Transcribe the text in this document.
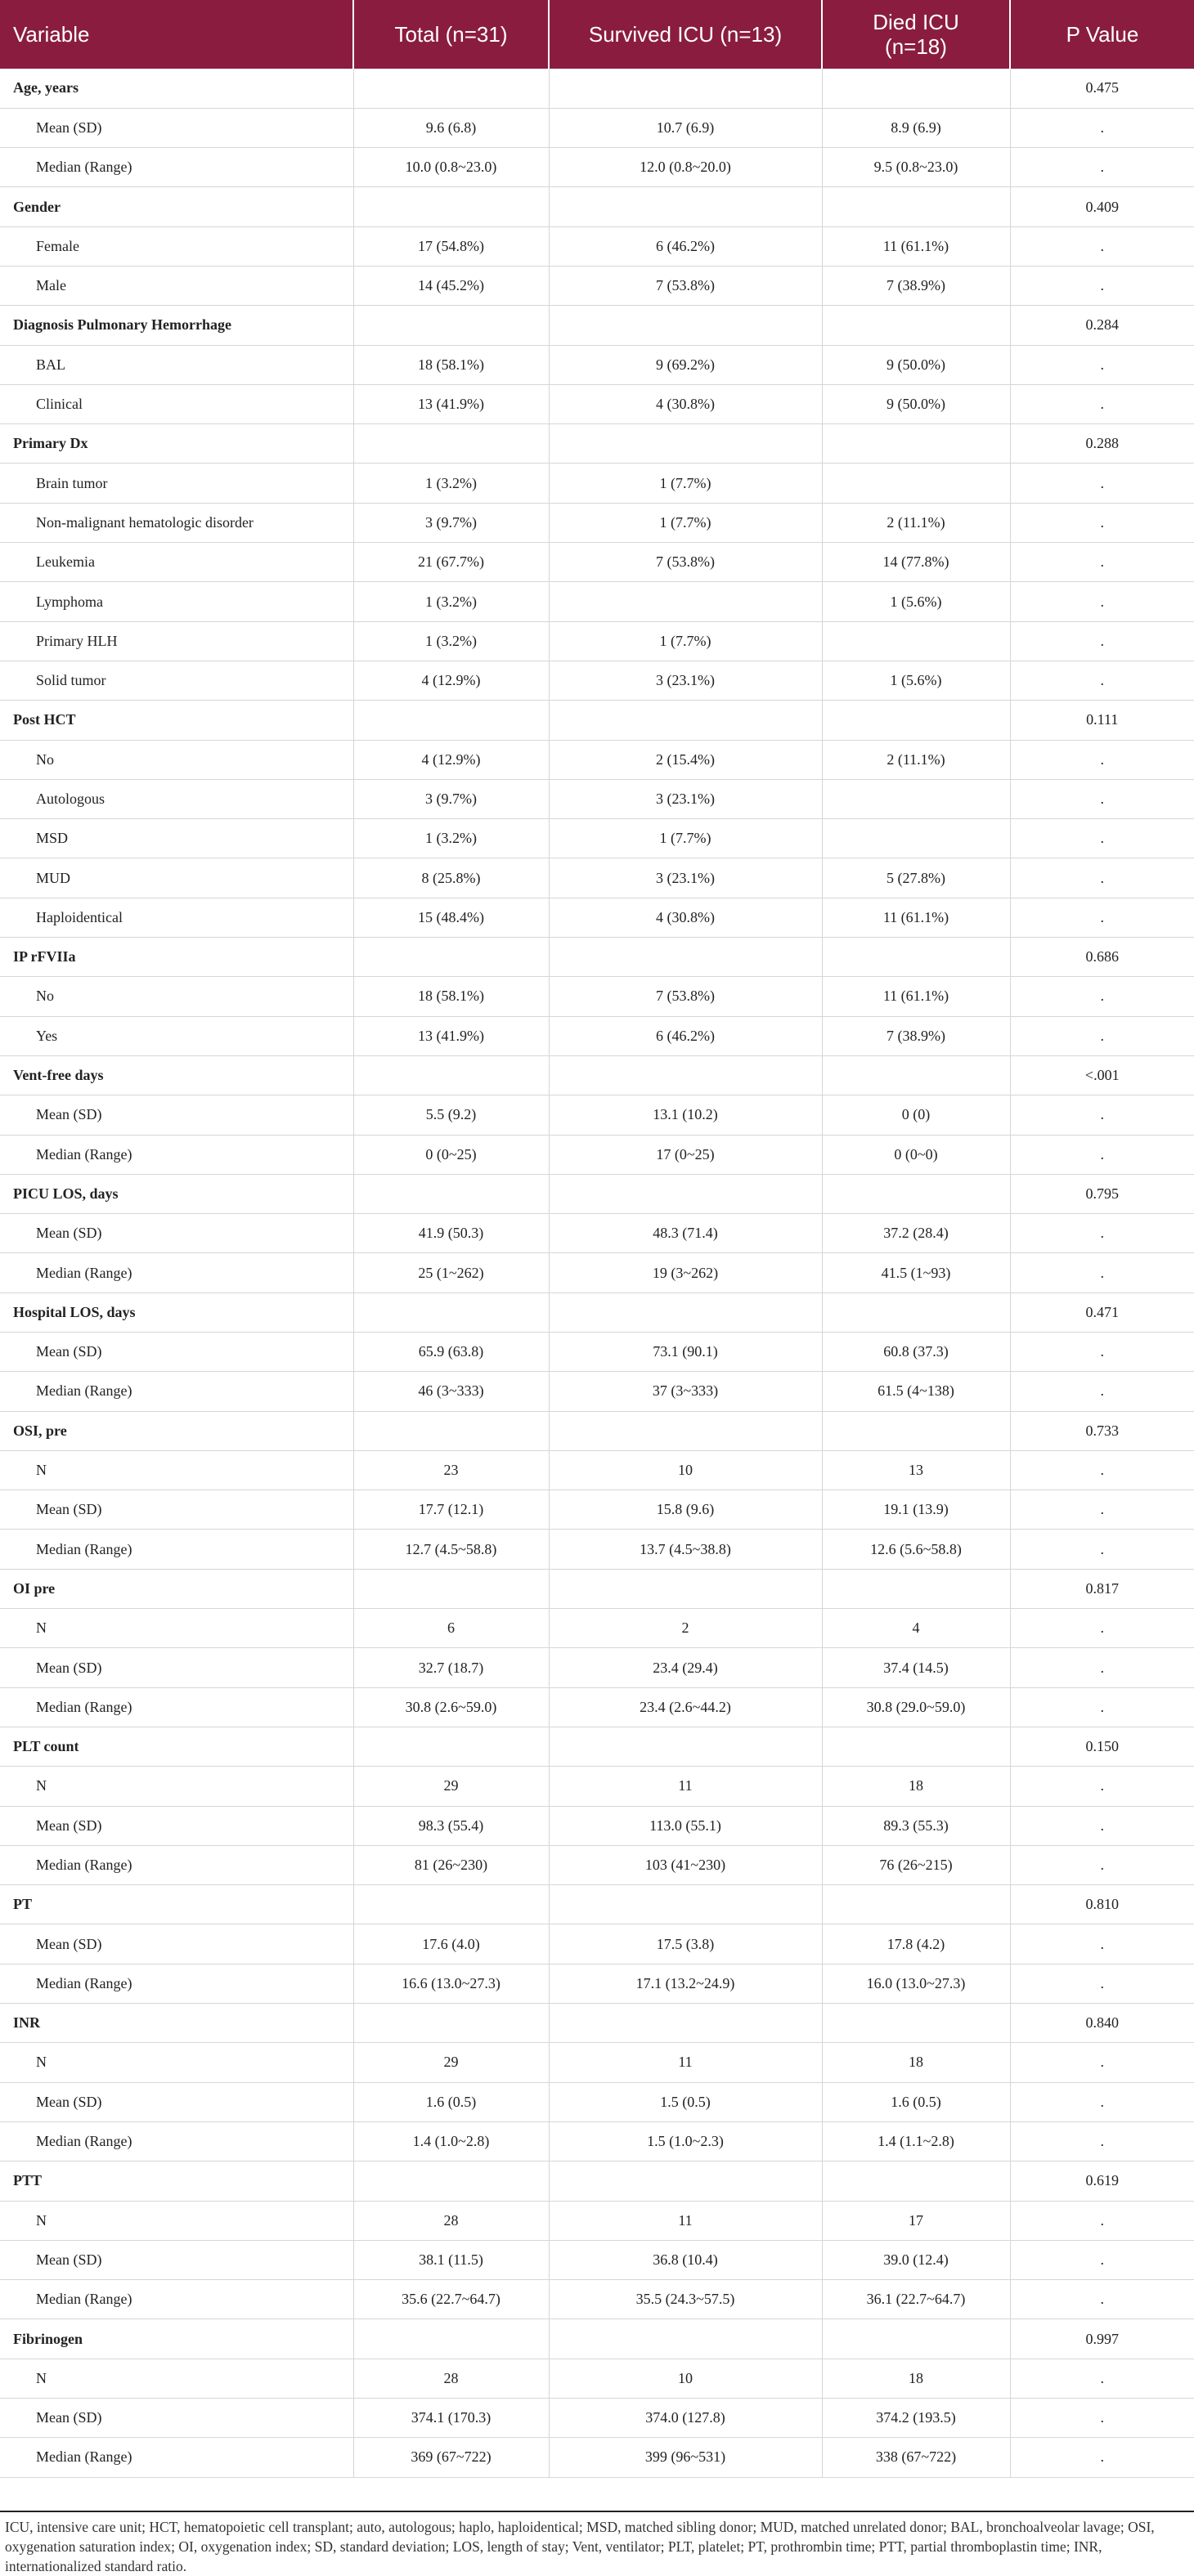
Variable	Total (n=31)	Survived ICU (n=13)	Died ICU
(n=18)	P Value
Age, years				0.475
Mean (SD)	9.6 (6.8)	10.7 (6.9)	8.9 (6.9)	.
Median (Range)	10.0 (0.8~23.0)	12.0 (0.8~20.0)	9.5 (0.8~23.0)	.
Gender				0.409
Female	17 (54.8%)	6 (46.2%)	11 (61.1%)	.
Male	14 (45.2%)	7 (53.8%)	7 (38.9%)	.
Diagnosis Pulmonary Hemorrhage				0.284
BAL	18 (58.1%)	9 (69.2%)	9 (50.0%)	.
Clinical	13 (41.9%)	4 (30.8%)	9 (50.0%)	.
Primary Dx				0.288
Brain tumor	1 (3.2%)	1 (7.7%)		.
Non-malignant hematologic disorder	3 (9.7%)	1 (7.7%)	2 (11.1%)	.
Leukemia	21 (67.7%)	7 (53.8%)	14 (77.8%)	.
Lymphoma	1 (3.2%)		1 (5.6%)	.
Primary HLH	1 (3.2%)	1 (7.7%)		.
Solid tumor	4 (12.9%)	3 (23.1%)	1 (5.6%)	.
Post HCT				0.111
No	4 (12.9%)	2 (15.4%)	2 (11.1%)	.
Autologous	3 (9.7%)	3 (23.1%)		.
MSD	1 (3.2%)	1 (7.7%)		.
MUD	8 (25.8%)	3 (23.1%)	5 (27.8%)	.
Haploidentical	15 (48.4%)	4 (30.8%)	11 (61.1%)	.
IP rFVIIa				0.686
No	18 (58.1%)	7 (53.8%)	11 (61.1%)	.
Yes	13 (41.9%)	6 (46.2%)	7 (38.9%)	.
Vent-free days				<.001
Mean (SD)	5.5 (9.2)	13.1 (10.2)	0 (0)	.
Median (Range)	0 (0~25)	17 (0~25)	0 (0~0)	.
PICU LOS, days				0.795
Mean (SD)	41.9 (50.3)	48.3 (71.4)	37.2 (28.4)	.
Median (Range)	25 (1~262)	19 (3~262)	41.5 (1~93)	.
Hospital LOS, days				0.471
Mean (SD)	65.9 (63.8)	73.1 (90.1)	60.8 (37.3)	.
Median (Range)	46 (3~333)	37 (3~333)	61.5 (4~138)	.
OSI, pre				0.733
N	23	10	13	.
Mean (SD)	17.7 (12.1)	15.8 (9.6)	19.1 (13.9)	.
Median (Range)	12.7 (4.5~58.8)	13.7 (4.5~38.8)	12.6 (5.6~58.8)	.
OI pre				0.817
N	6	2	4	.
Mean (SD)	32.7 (18.7)	23.4 (29.4)	37.4 (14.5)	.
Median (Range)	30.8 (2.6~59.0)	23.4 (2.6~44.2)	30.8 (29.0~59.0)	.
PLT count				0.150
N	29	11	18	.
Mean (SD)	98.3 (55.4)	113.0 (55.1)	89.3 (55.3)	.
Median (Range)	81 (26~230)	103 (41~230)	76 (26~215)	.
PT				0.810
Mean (SD)	17.6 (4.0)	17.5 (3.8)	17.8 (4.2)	.
Median (Range)	16.6 (13.0~27.3)	17.1 (13.2~24.9)	16.0 (13.0~27.3)	.
INR				0.840
N	29	11	18	.
Mean (SD)	1.6 (0.5)	1.5 (0.5)	1.6 (0.5)	.
Median (Range)	1.4 (1.0~2.8)	1.5 (1.0~2.3)	1.4 (1.1~2.8)	.
PTT				0.619
N	28	11	17	.
Mean (SD)	38.1 (11.5)	36.8 (10.4)	39.0 (12.4)	.
Median (Range)	35.6 (22.7~64.7)	35.5 (24.3~57.5)	36.1 (22.7~64.7)	.
Fibrinogen				0.997
N	28	10	18	.
Mean (SD)	374.1 (170.3)	374.0 (127.8)	374.2 (193.5)	.
Median (Range)	369 (67~722)	399 (96~531)	338 (67~722)	.
ICU, intensive care unit; HCT, hematopoietic cell transplant; auto, autologous; haplo, haploidentical; MSD, matched sibling donor; MUD, matched unrelated donor; BAL, bronchoalveolar lavage; OSI, oxygenation saturation index; OI, oxygenation index; SD, standard deviation; LOS, length of stay; Vent, ventilator; PLT, platelet; PT, prothrombin time; PTT, partial thromboplastin time; INR, internationalized standard ratio.
